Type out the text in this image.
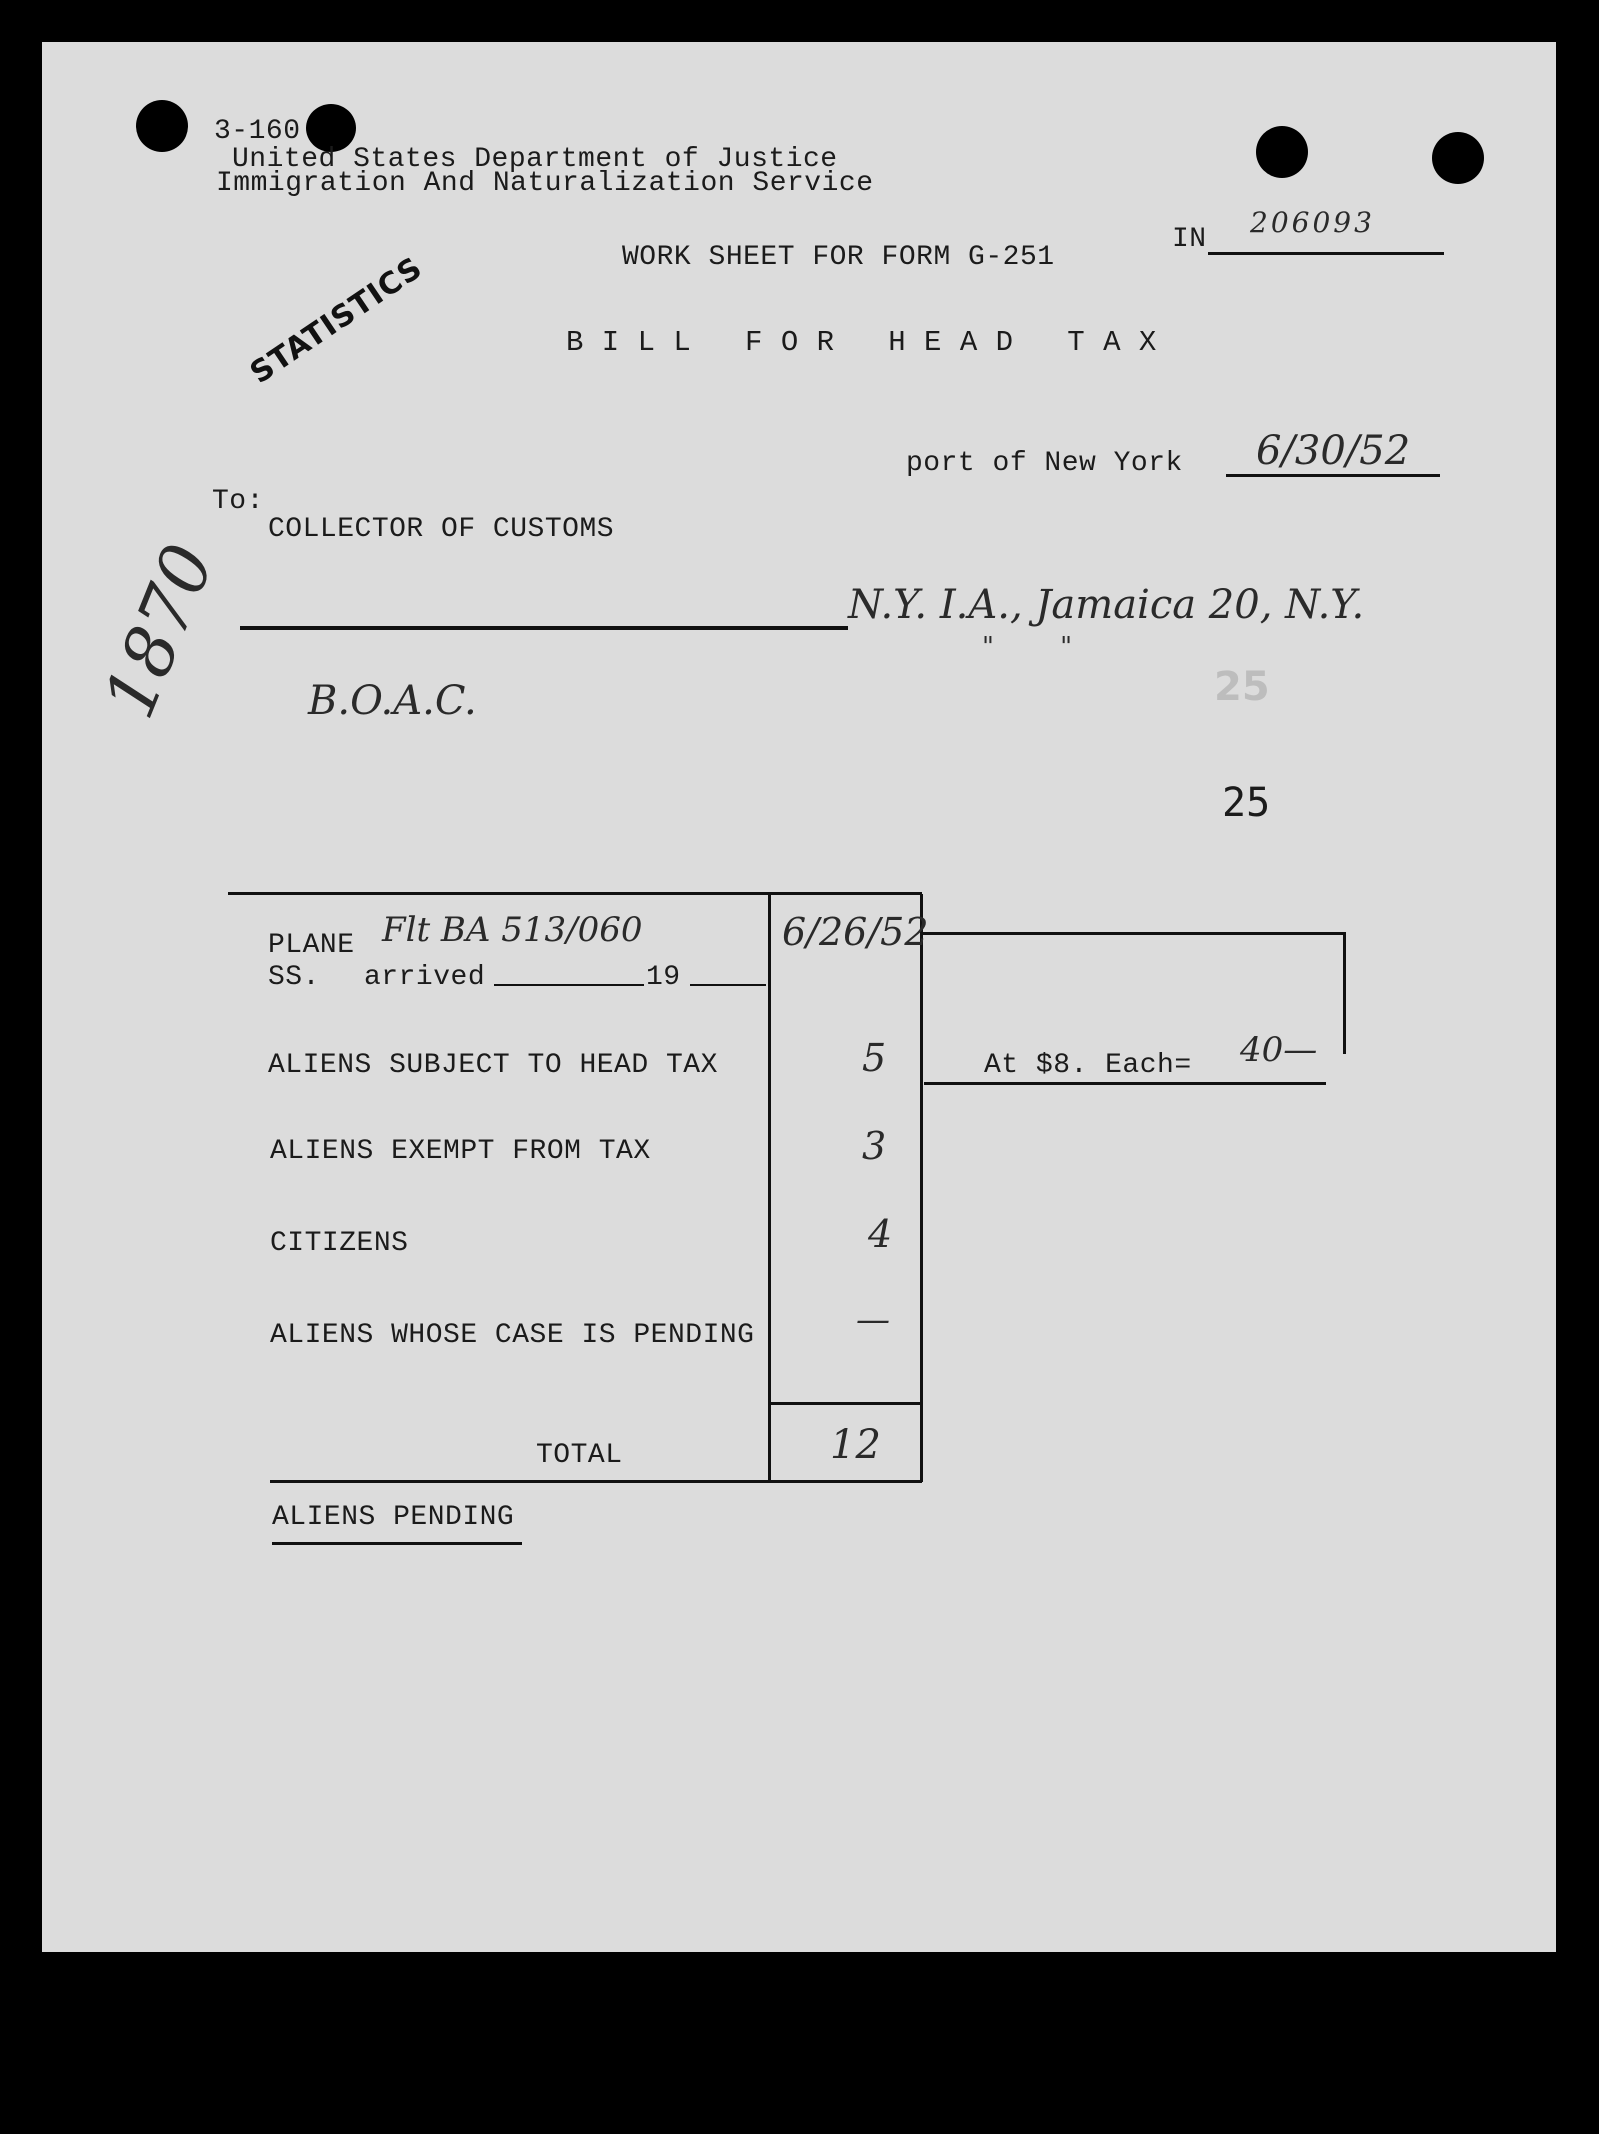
3-160
United States Department of Justice
Immigration And Naturalization Service
IN
206093
STATISTICS	WORK SHEET FOR FORM G-251
B I L L   F O R   H E A D   T A X
port of New York 6/30/52
To:
COLLECTOR OF CUSTOMS
N.Y. I.A., Jamaica 20, N.Y.
"        "
1870 B.O.A.C.	25
25
PLANE Flt BA 513/060	6/26/52
SS. arrived	19
ALIENS SUBJECT TO HEAD TAX	5	At $8. Each= 40—
ALIENS EXEMPT FROM TAX	3
CITIZENS	4
ALIENS WHOSE CASE IS PENDING	—
TOTAL	12
ALIENS PENDING
